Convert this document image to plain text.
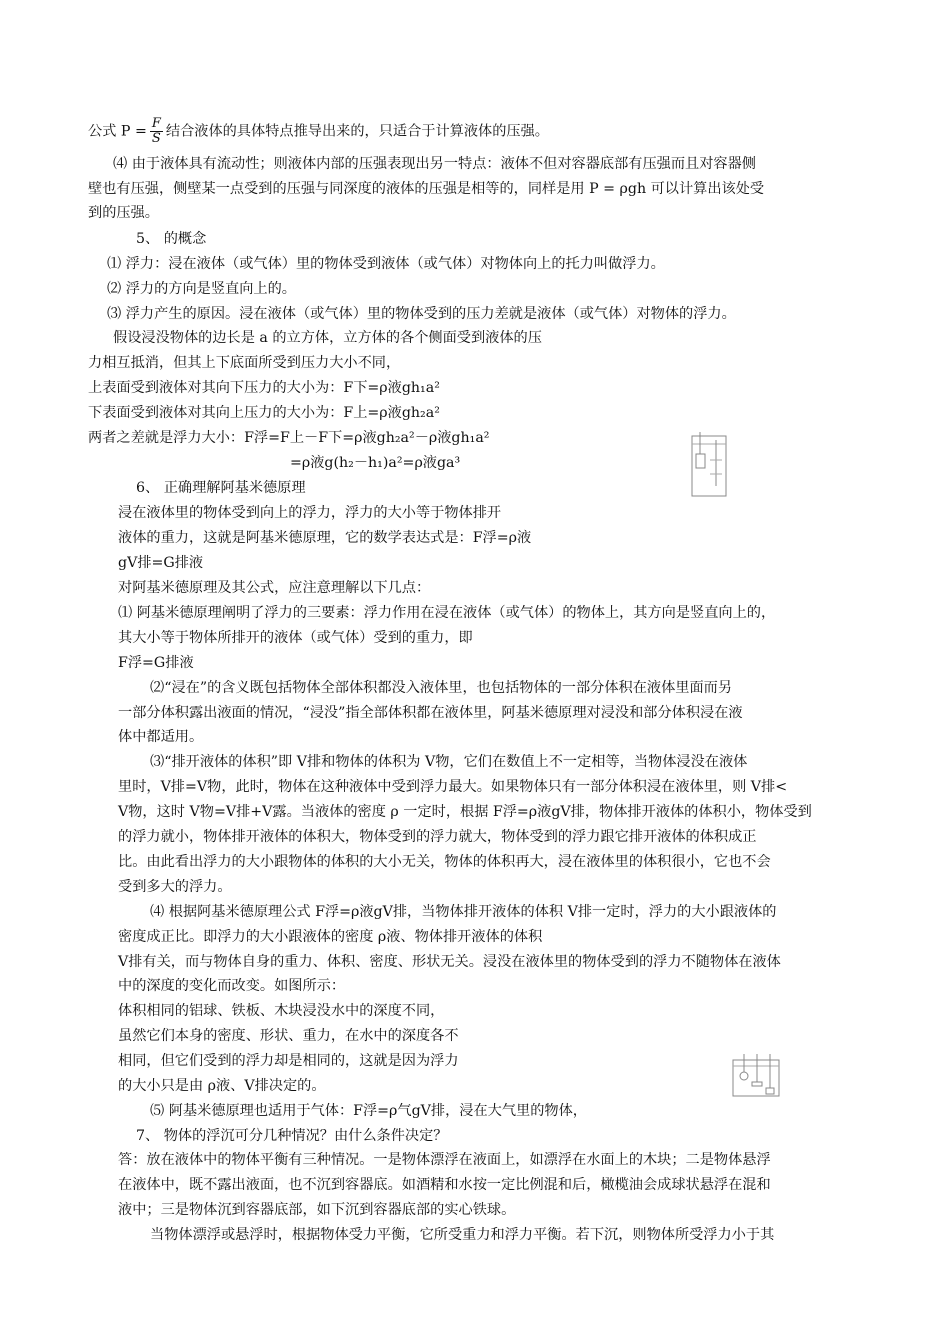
公式 $P = \frac{F}{S}$ 结合液体的具体特点推导出来的，只适合于计算液体的压强。
⑷ 由于液体具有流动性；则液体内部的压强表现出另一特点：液体不但对容器底部有压强而且对容器侧
壁也有压强，侧壁某一点受到的压强与同深度的液体的压强是相等的，同样是用 P = ρgh 可以计算出该处受
到的压强。
5、 的概念
⑴ 浮力：浸在液体（或气体）里的物体受到液体（或气体）对物体向上的托力叫做浮力。
⑵ 浮力的方向是竖直向上的。
⑶ 浮力产生的原因。浸在液体（或气体）里的物体受到的压力差就是液体（或气体）对物体的浮力。
假设浸没物体的边长是 a 的立方体，立方体的各个侧面受到液体的压
力相互抵消，但其上下底面所受到压力大小不同，
上表面受到液体对其向下压力的大小为：F下=ρ液gh₁a²
下表面受到液体对其向上压力的大小为：F上=ρ液gh₂a²
两者之差就是浮力大小：F浮=F上－F下=ρ液gh₂a²－ρ液gh₁a²
=ρ液g(h₂－h₁)a²=ρ液ga³
6、 正确理解阿基米德原理
浸在液体里的物体受到向上的浮力，浮力的大小等于物体排开
液体的重力，这就是阿基米德原理，它的数学表达式是：F浮=ρ液
gV排=G排液
对阿基米德原理及其公式，应注意理解以下几点：
⑴ 阿基米德原理阐明了浮力的三要素：浮力作用在浸在液体（或气体）的物体上，其方向是竖直向上的，
其大小等于物体所排开的液体（或气体）受到的重力，即
F浮=G排液
⑵“浸在”的含义既包括物体全部体积都没入液体里，也包括物体的一部分体积在液体里面而另
一部分体积露出液面的情况，“浸没”指全部体积都在液体里，阿基米德原理对浸没和部分体积浸在液
体中都适用。
⑶“排开液体的体积”即 V排和物体的体积为 V物，它们在数值上不一定相等，当物体浸没在液体
里时，V排=V物，此时，物体在这种液体中受到浮力最大。如果物体只有一部分体积浸在液体里，则 V排<
V物，这时 V物=V排+V露。当液体的密度 ρ 一定时，根据 F浮=ρ液gV排，物体排开液体的体积小，物体受到
的浮力就小，物体排开液体的体积大，物体受到的浮力就大，物体受到的浮力跟它排开液体的体积成正
比。由此看出浮力的大小跟物体的体积的大小无关，物体的体积再大，浸在液体里的体积很小，它也不会
受到多大的浮力。
⑷ 根据阿基米德原理公式 F浮=ρ液gV排，当物体排开液体的体积 V排一定时，浮力的大小跟液体的
密度成正比。即浮力的大小跟液体的密度 ρ液、物体排开液体的体积
V排有关，而与物体自身的重力、体积、密度、形状无关。浸没在液体里的物体受到的浮力不随物体在液体
中的深度的变化而改变。如图所示：
体积相同的铝球、铁板、木块浸没水中的深度不同，
虽然它们本身的密度、形状、重力，在水中的深度各不
相同，但它们受到的浮力却是相同的，这就是因为浮力
的大小只是由 ρ液、V排决定的。
⑸ 阿基米德原理也适用于气体：F浮=ρ气gV排，浸在大气里的物体，
7、 物体的浮沉可分几种情况？由什么条件决定？
答：放在液体中的物体平衡有三种情况。一是物体漂浮在液面上，如漂浮在水面上的木块；二是物体悬浮
在液体中，既不露出液面，也不沉到容器底。如酒精和水按一定比例混和后，橄榄油会成球状悬浮在混和
液中；三是物体沉到容器底部，如下沉到容器底部的实心铁球。
当物体漂浮或悬浮时，根据物体受力平衡，它所受重力和浮力平衡。若下沉，则物体所受浮力小于其
